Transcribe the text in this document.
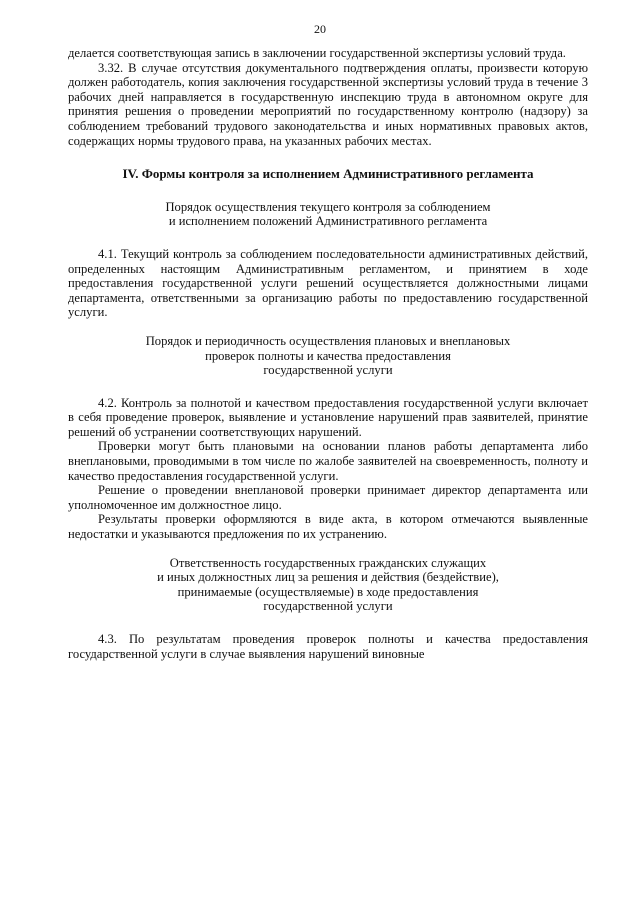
20

делается соответствующая запись в заключении государственной экспертизы условий труда.

3.32. В случае отсутствия документального подтверждения оплаты, произвести которую должен работодатель, копия заключения государственной экспертизы условий труда в течение 3 рабочих дней направляется в государственную инспекцию труда в автономном округе для принятия решения о проведении мероприятий по государственному контролю (надзору) за соблюдением требований трудового законодательства и иных нормативных правовых актов, содержащих нормы трудового права, на указанных рабочих местах.

IV. Формы контроля за исполнением Административного регламента
Порядок осуществления текущего контроля за соблюдением
и исполнением положений Административного регламента

4.1. Текущий контроль за соблюдением последовательности административных действий, определенных настоящим Административным регламентом, и принятием в ходе предоставления государственной услуги решений осуществляется должностными лицами департамента, ответственными за организацию работы по предоставлению государственной услуги.

Порядок и периодичность осуществления плановых и внеплановых
проверок полноты и качества предоставления
государственной услуги

4.2. Контроль за полнотой и качеством предоставления государственной услуги включает в себя проведение проверок, выявление и установление нарушений прав заявителей, принятие решений об устранении соответствующих нарушений.

Проверки могут быть плановыми на основании планов работы департамента либо внеплановыми, проводимыми в том числе по жалобе заявителей на своевременность, полноту и качество предоставления государственной услуги.

Решение о проведении внеплановой проверки принимает директор департамента или уполномоченное им должностное лицо.

Результаты проверки оформляются в виде акта, в котором отмечаются выявленные недостатки и указываются предложения по их устранению.

Ответственность государственных гражданских служащих
и иных должностных лиц за решения и действия (бездействие),
принимаемые (осуществляемые) в ходе предоставления
государственной услуги

4.3. По результатам проведения проверок полноты и качества предоставления государственной услуги в случае выявления нарушений виновные
